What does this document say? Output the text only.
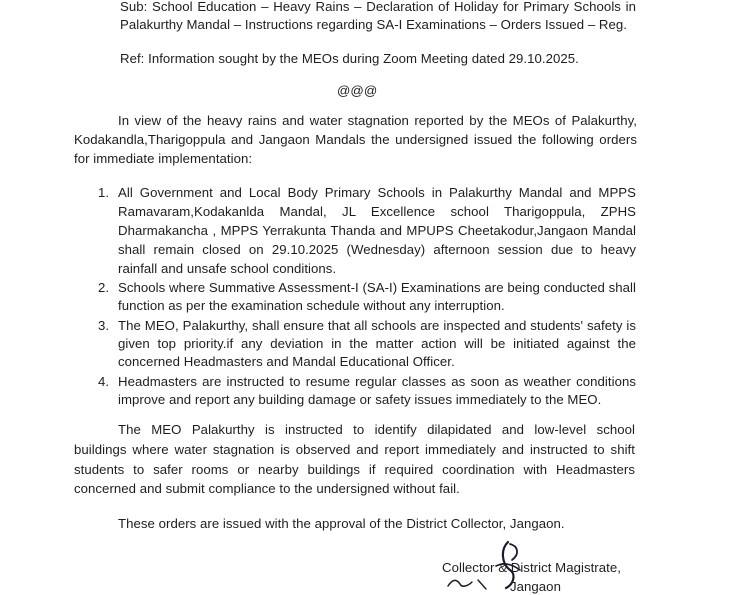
Sub: School Education – Heavy Rains – Declaration of Holiday for Primary Schools in
Palakurthy Mandal – Instructions regarding SA-I Examinations – Orders Issued – Reg.
Ref: Information sought by the MEOs during Zoom Meeting dated 29.10.2025.
@@@
In view of the heavy rains and water stagnation reported by the MEOs of Palakurthy,
Kodakandla,Tharigoppula and Jangaon Mandals the undersigned issued the following orders
for immediate implementation:
1. All Government and Local Body Primary Schools in Palakurthy Mandal and MPPS
Ramavaram,Kodakanlda Mandal, JL Excellence school Tharigoppula, ZPHS
Dharmakancha , MPPS Yerrakunta Thanda and MPUPS Cheetakodur,Jangaon Mandal
shall remain closed on 29.10.2025 (Wednesday) afternoon session due to heavy
rainfall and unsafe school conditions.
2. Schools where Summative Assessment-I (SA-I) Examinations are being conducted shall
function as per the examination schedule without any interruption.
3. The MEO, Palakurthy, shall ensure that all schools are inspected and students' safety is
given top priority.if any deviation in the matter action will be initiated against the
concerned Headmasters and Mandal Educational Officer.
4. Headmasters are instructed to resume regular classes as soon as weather conditions
improve and report any building damage or safety issues immediately to the MEO.
The MEO Palakurthy is instructed to identify dilapidated and low-level school
buildings where water stagnation is observed and report immediately and instructed to shift
students to safer rooms or nearby buildings if required coordination with Headmasters
concerned and submit compliance to the undersigned without fail.
These orders are issued with the approval of the District Collector, Jangaon.
Collector & District Magistrate,
Jangaon
